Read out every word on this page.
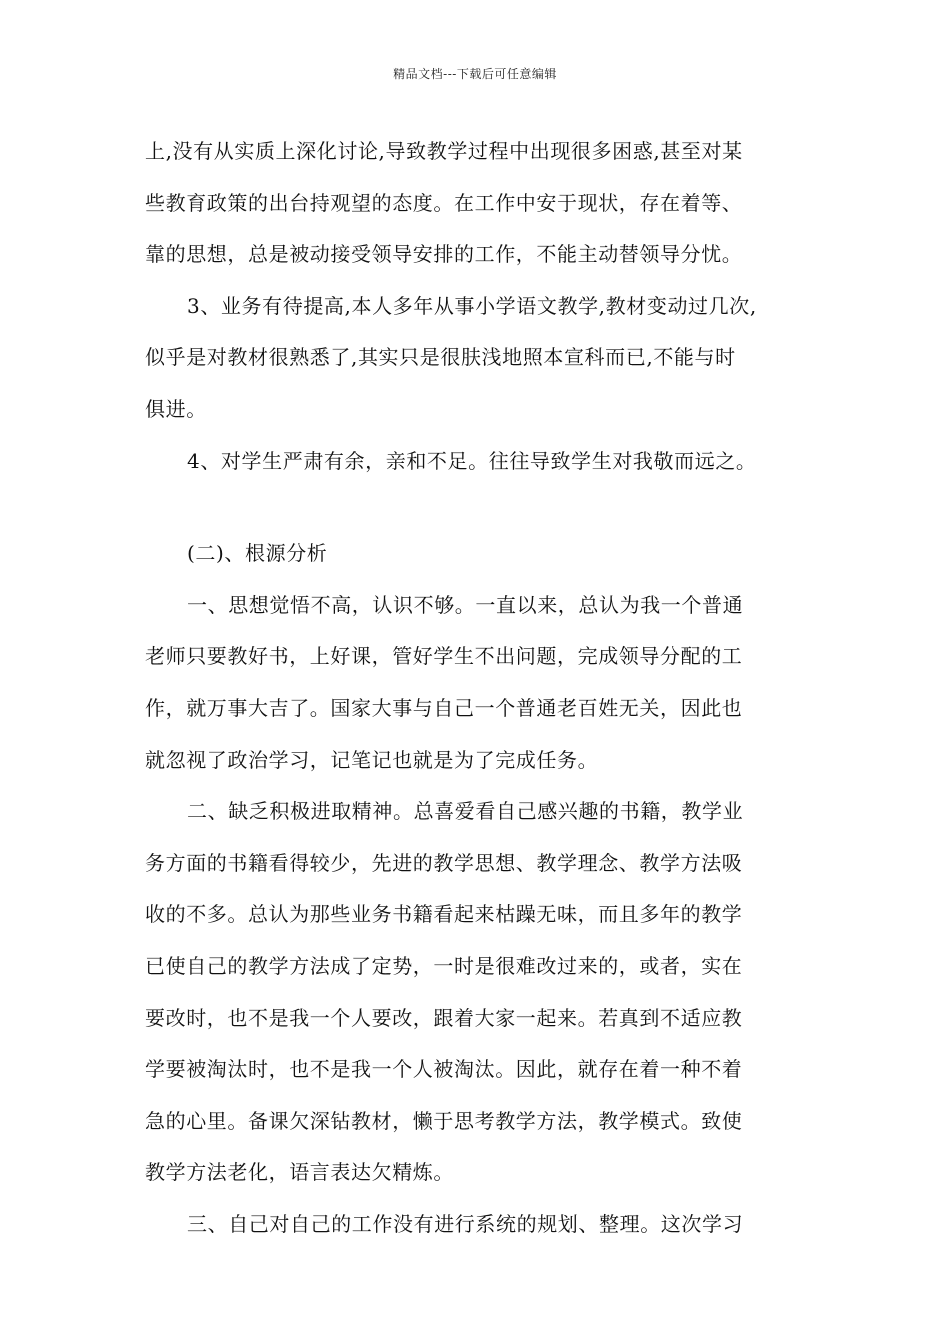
精品文档---下载后可任意编辑
上,没有从实质上深化讨论,导致教学过程中出现很多困惑,甚至对某
些教育政策的出台持观望的态度。在工作中安于现状，存在着等、
靠的思想，总是被动接受领导安排的工作，不能主动替领导分忧。
3、业务有待提高,本人多年从事小学语文教学,教材变动过几次,
似乎是对教材很熟悉了,其实只是很肤浅地照本宣科而已,不能与时
俱进。
4、对学生严肃有余，亲和不足。往往导致学生对我敬而远之。
(二)、根源分析
一、思想觉悟不高，认识不够。一直以来，总认为我一个普通
老师只要教好书，上好课，管好学生不出问题，完成领导分配的工
作，就万事大吉了。国家大事与自己一个普通老百姓无关，因此也
就忽视了政治学习，记笔记也就是为了完成任务。
二、缺乏积极进取精神。总喜爱看自己感兴趣的书籍，教学业
务方面的书籍看得较少，先进的教学思想、教学理念、教学方法吸
收的不多。总认为那些业务书籍看起来枯躁无味，而且多年的教学
已使自己的教学方法成了定势，一时是很难改过来的，或者，实在
要改时，也不是我一个人要改，跟着大家一起来。若真到不适应教
学要被淘汰时，也不是我一个人被淘汰。因此，就存在着一种不着
急的心里。备课欠深钻教材，懒于思考教学方法，教学模式。致使
教学方法老化，语言表达欠精炼。
三、自己对自己的工作没有进行系统的规划、整理。这次学习
